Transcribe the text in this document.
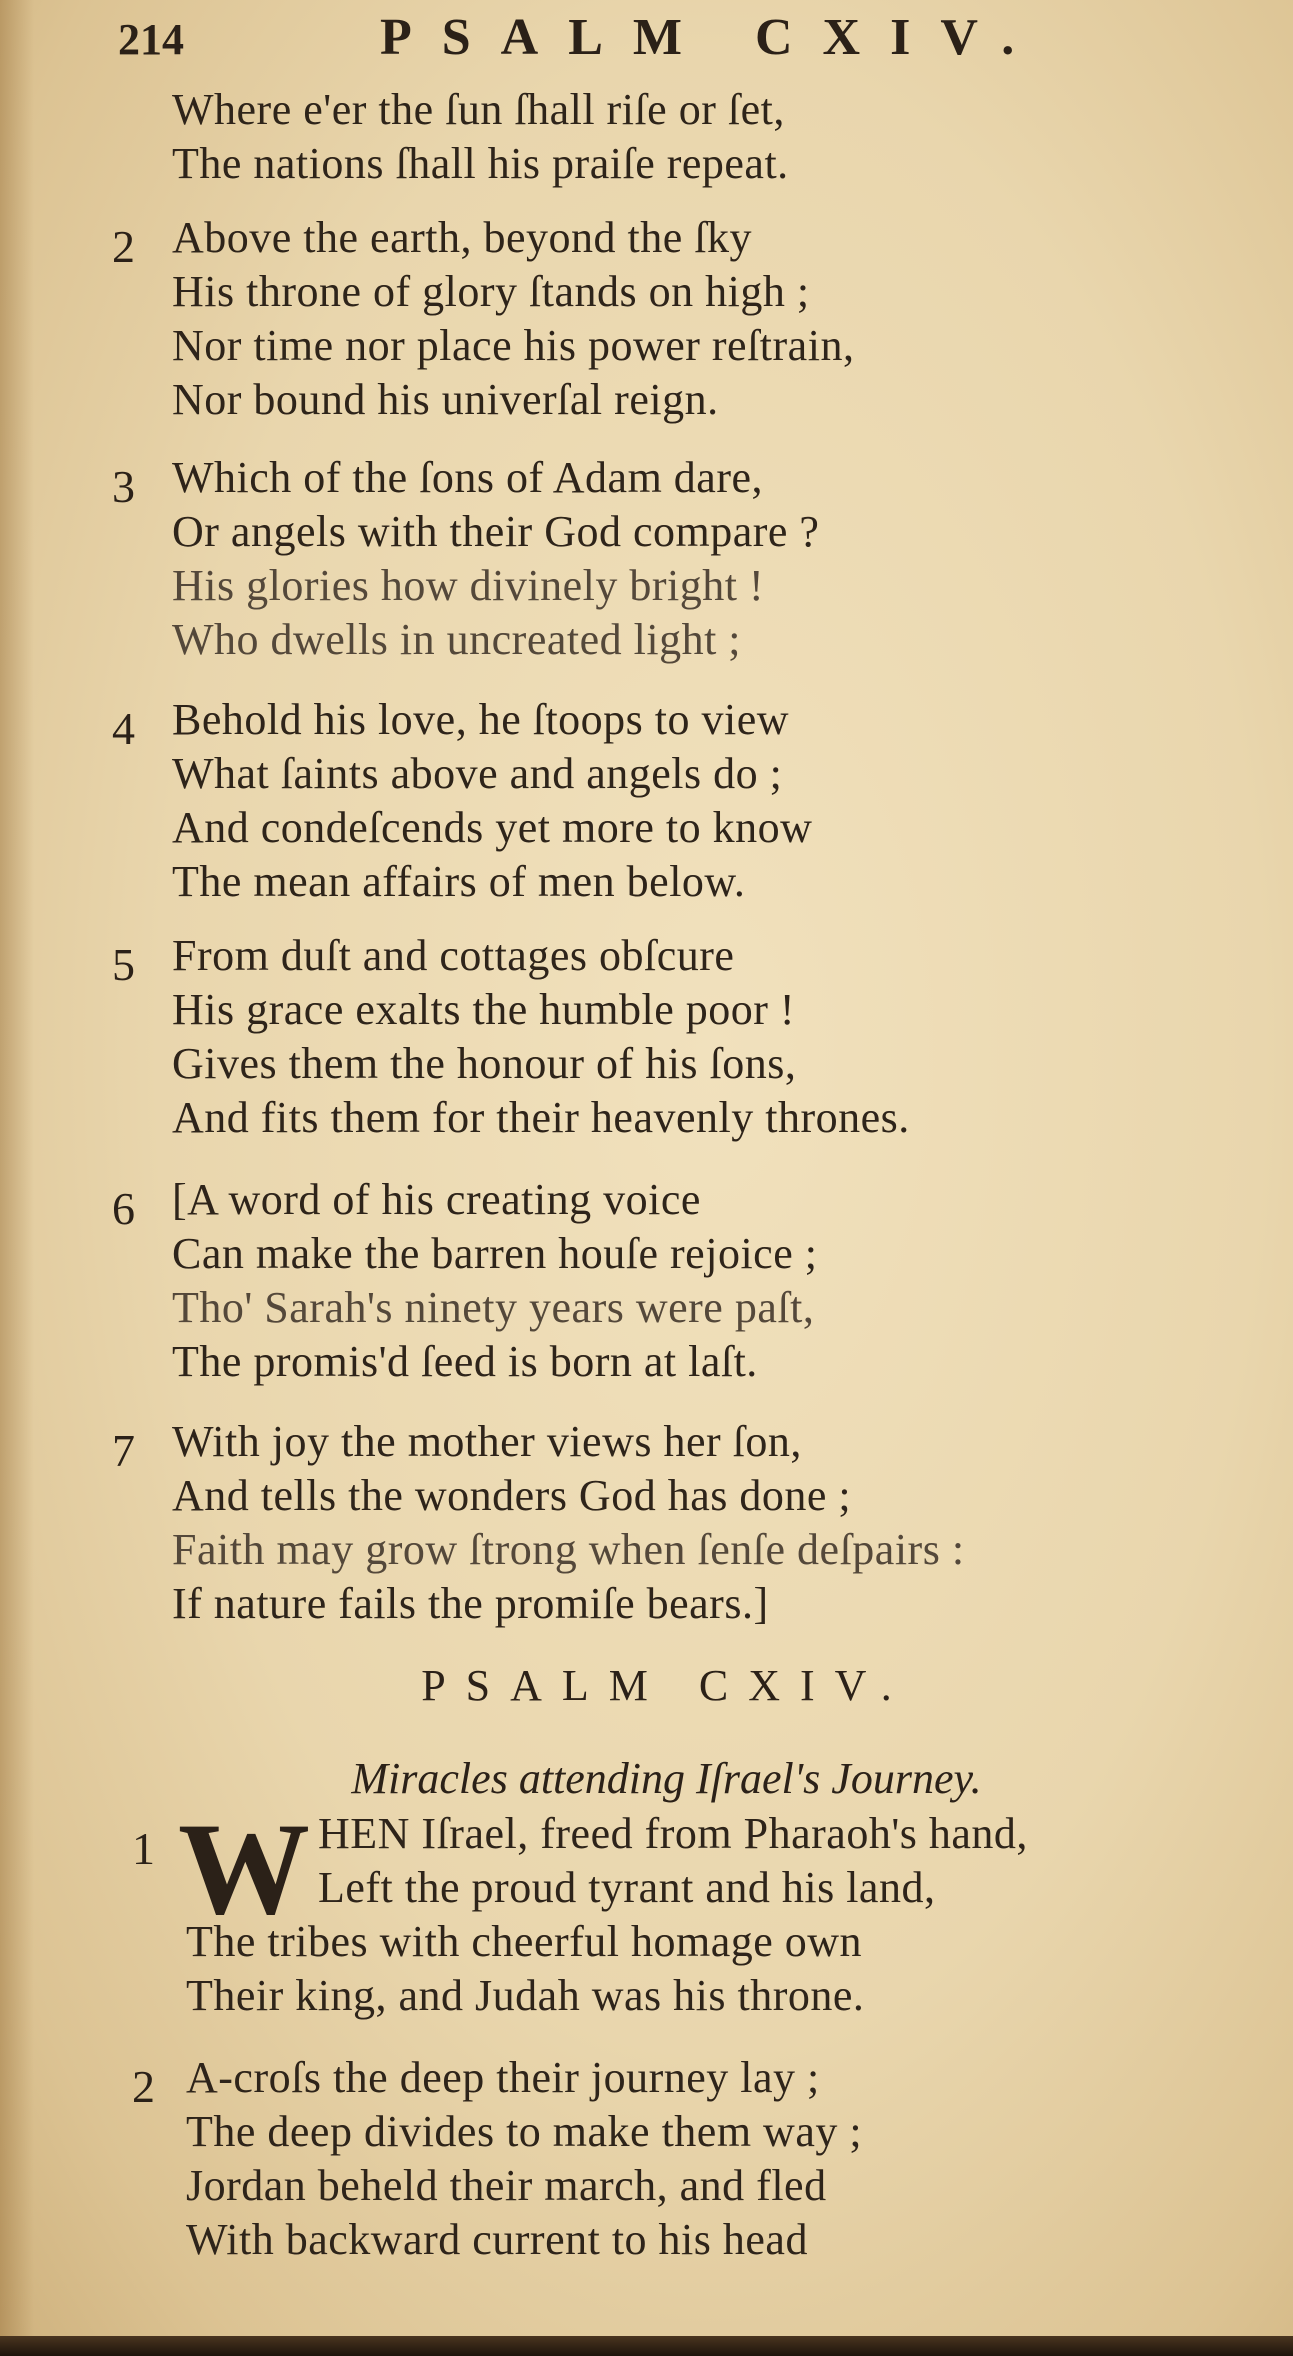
214	PSALM CXIV.
Where e'er the ſun ſhall riſe or ſet,
The nations ſhall his praiſe repeat.
2 Above the earth, beyond the ſky
His throne of glory ſtands on high ;
Nor time nor place his power reſtrain,
Nor bound his univerſal reign.
3 Which of the ſons of Adam dare,
Or angels with their God compare ?
His glories how divinely bright !
Who dwells in uncreated light ;
4 Behold his love, he ſtoops to view
What ſaints above and angels do ;
And condeſcends yet more to know
The mean affairs of men below.
5 From duſt and cottages obſcure
His grace exalts the humble poor !
Gives them the honour of his ſons,
And fits them for their heavenly thrones.
6 [A word of his creating voice
Can make the barren houſe rejoice ;
Tho' Sarah's ninety years were paſt,
The promis'd ſeed is born at laſt.
7 With joy the mother views her ſon,
And tells the wonders God has done ;
Faith may grow ſtrong when ſenſe deſpairs :
If nature fails the promiſe bears.]
PSALM CXIV.
Miracles attending Iſrael's Journey.
1 W HEN Iſrael, freed from Pharaoh's hand,
Left the proud tyrant and his land,
The tribes with cheerful homage own
Their king, and Judah was his throne.
2 A-croſs the deep their journey lay ;
The deep divides to make them way ;
Jordan beheld their march, and fled
With backward current to his head
